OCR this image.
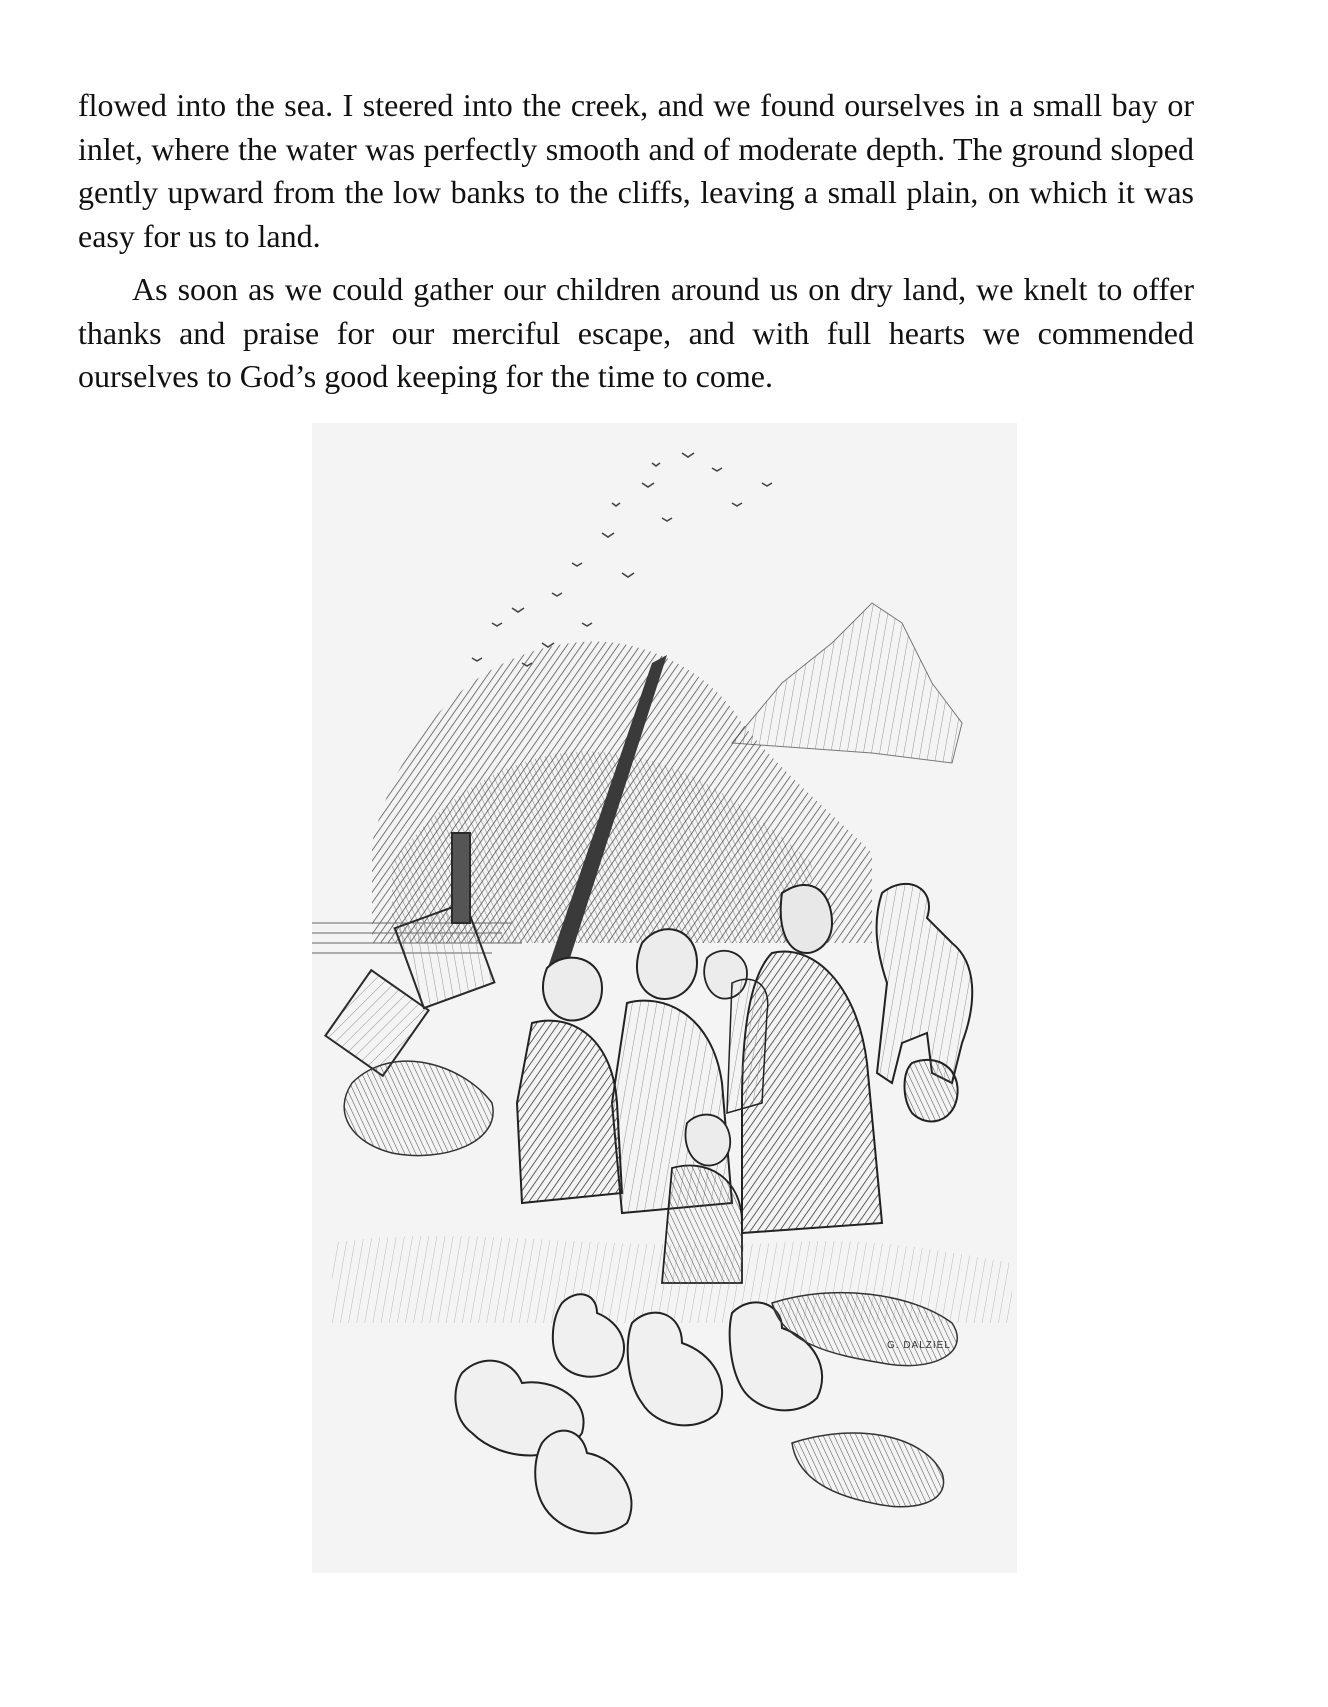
flowed into the sea. I steered into the creek, and we found ourselves in a small bay or inlet, where the water was perfectly smooth and of moderate depth. The ground sloped gently upward from the low banks to the cliffs, leaving a small plain, on which it was easy for us to land.

As soon as we could gather our children around us on dry land, we knelt to offer thanks and praise for our merciful escape, and with full hearts we commended ourselves to God’s good keeping for the time to come.

G. DALZIEL
